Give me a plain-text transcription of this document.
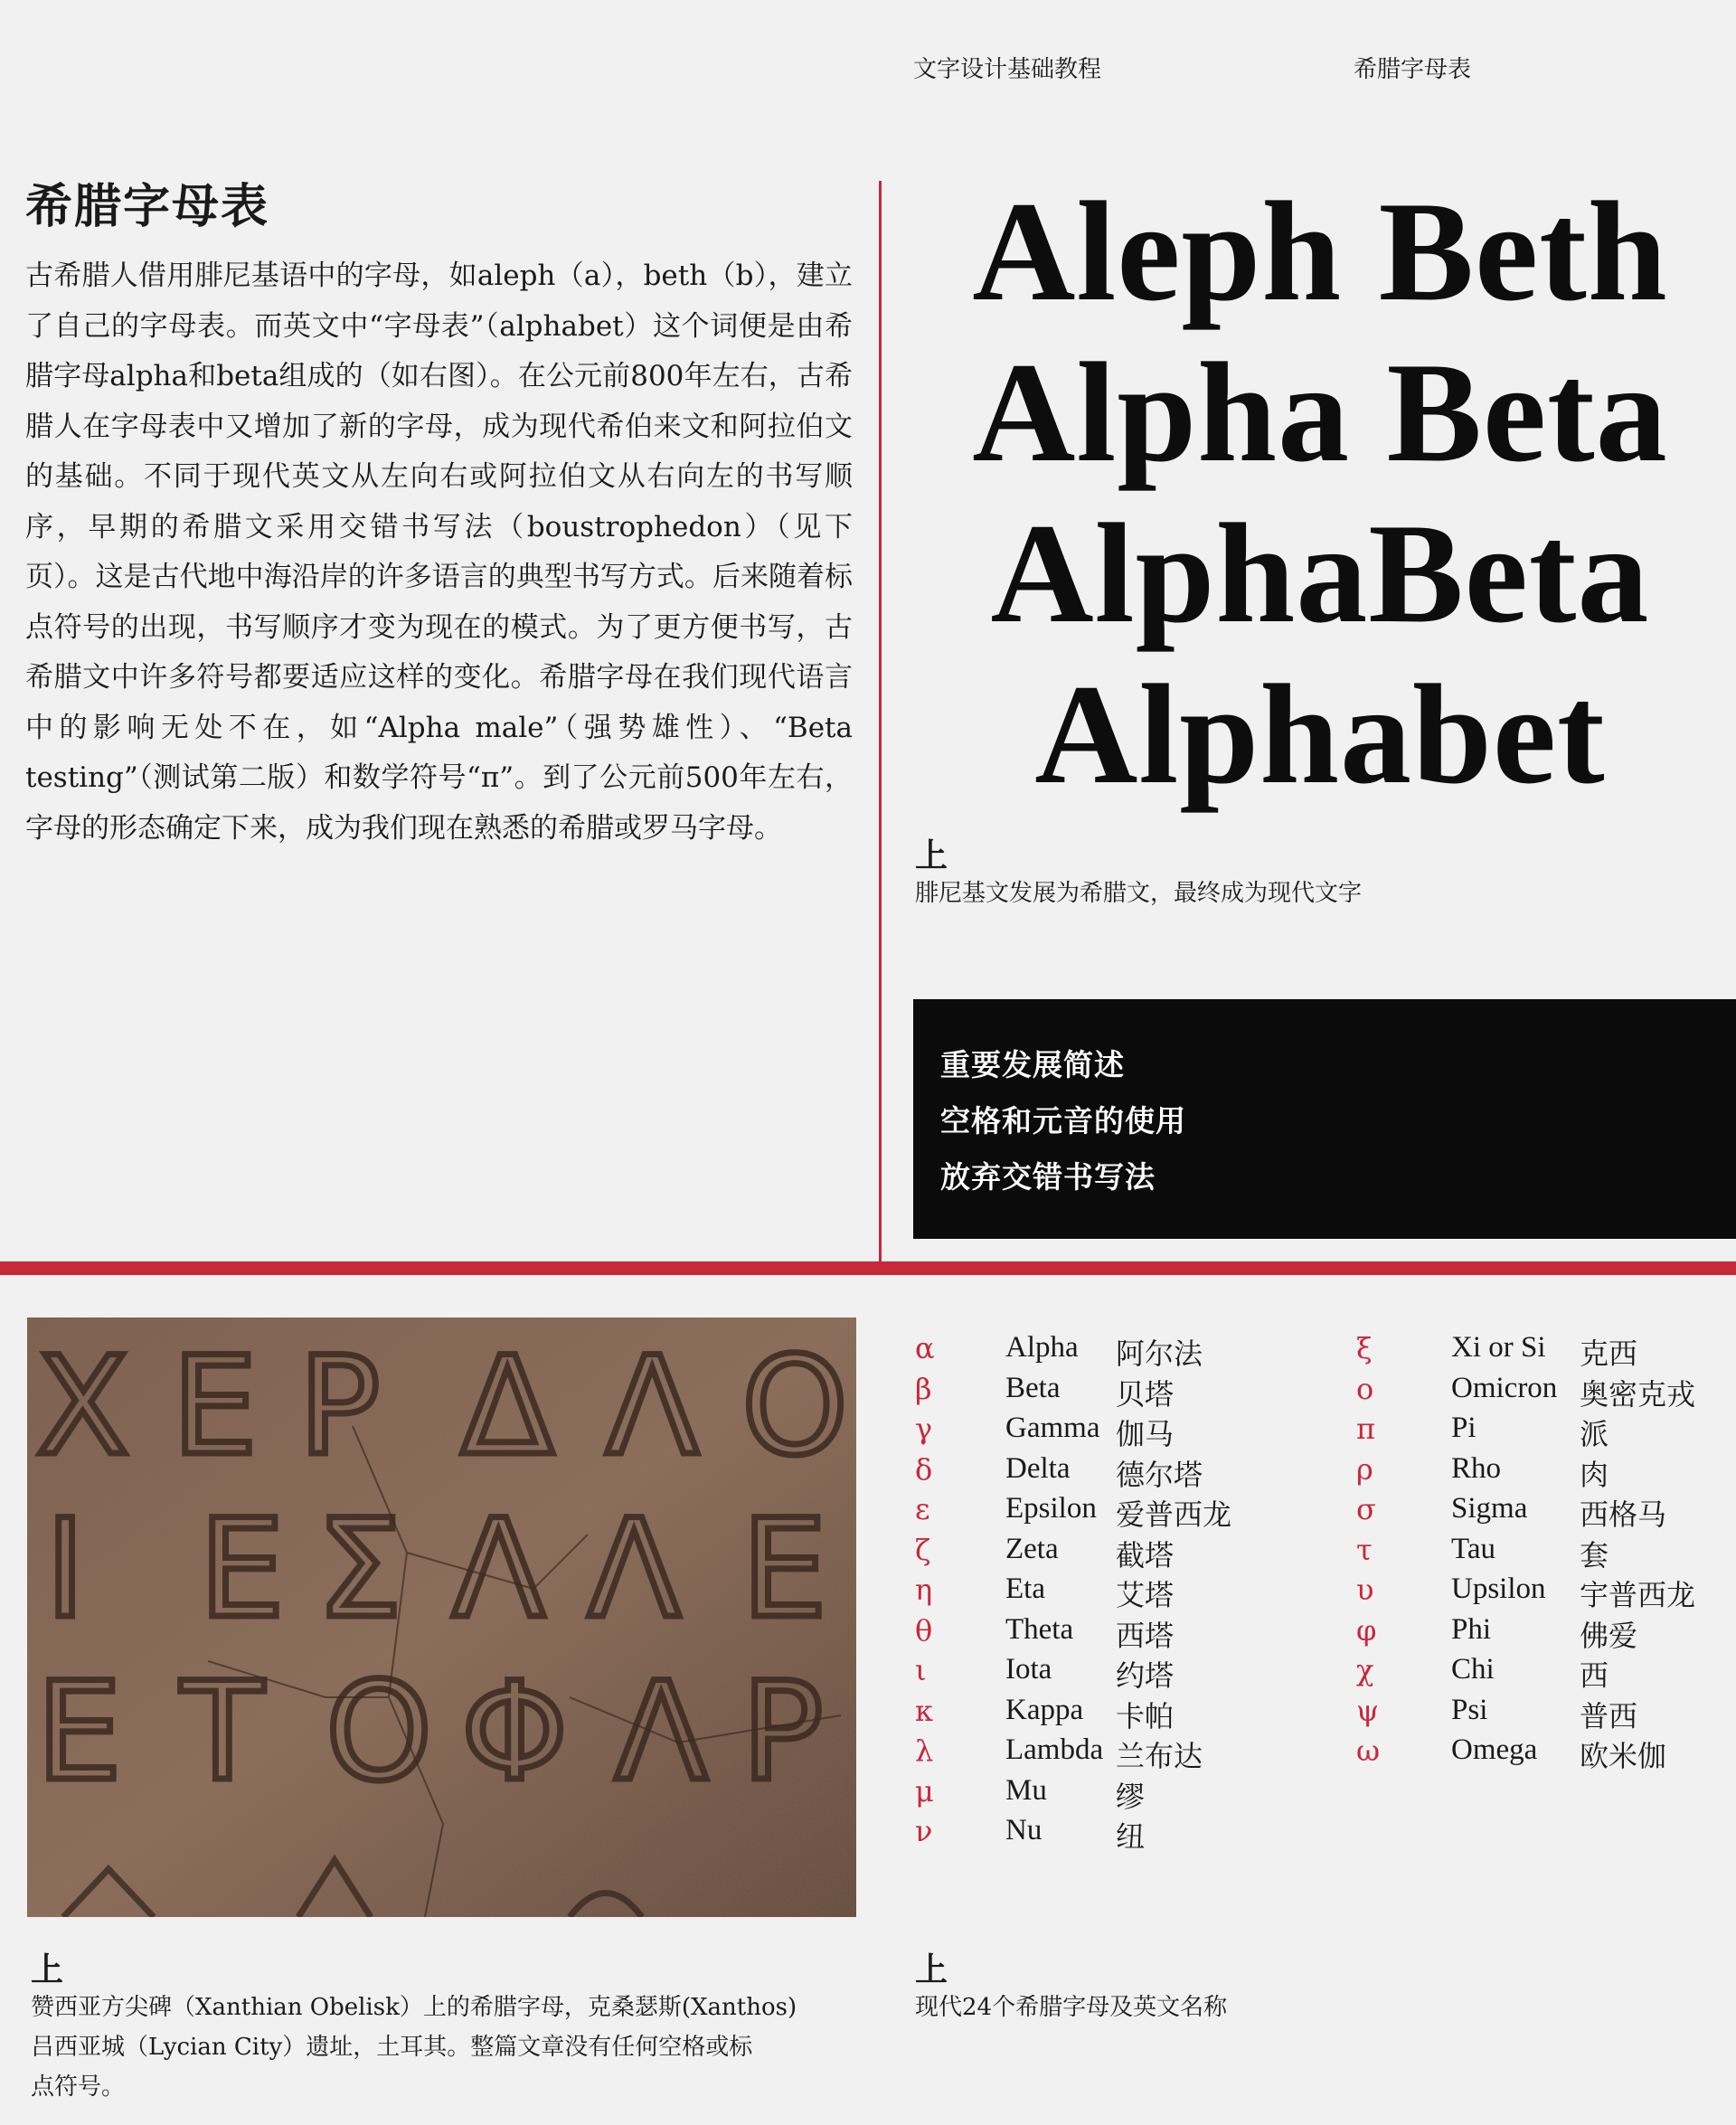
文字设计基础教程	希腊字母表
希腊字母表

古希腊人借用腓尼基语中的字母，如aleph（a），beth（b），建立了自己的字母表。而英文中“字母表”（alphabet）这个词便是由希腊字母alpha和beta组成的（如右图）。在公元前800年左右，古希腊人在字母表中又增加了新的字母，成为现代希伯来文和阿拉伯文的基础。不同于现代英文从左向右或阿拉伯文从右向左的书写顺序，早期的希腊文采用交错书写法（boustrophedon）（见下页）。这是古代地中海沿岸的许多语言的典型书写方式。后来随着标点符号的出现，书写顺序才变为现在的模式。为了更方便书写，古希腊文中许多符号都要适应这样的变化。希腊字母在我们现代语言中的影响无处不在，如“Alpha male”（强势雄性）、“Beta testing”（测试第二版）和数学符号“π”。到了公元前500年左右，字母的形态确定下来，成为我们现在熟悉的希腊或罗马字母。

Aleph Beth
Alpha Beta
AlphaBeta
Alphabet
上
腓尼基文发展为希腊文，最终成为现代文字
重要发展简述
空格和元音的使用
放弃交错书写法
Χ Ε Ρ Δ Λ Ο
Ι Ε Σ Λ Λ Ε
Ε Τ Ο Φ Λ Ρ
上
赞西亚方尖碑（Xanthian Obelisk）上的希腊字母，克桑瑟斯(Xanthos)
吕西亚城（Lycian City）遗址，土耳其。整篇文章没有任何空格或标
点符号。
α Alpha 阿尔法
β Beta 贝塔
γ Gamma 伽马
δ Delta 德尔塔
ε	Epsilon 爱普西龙
ζ	Zeta 截塔
η Eta 艾塔
θ Theta 西塔
ι	Iota 约塔
κ Kappa 卡帕
λ Lambda 兰布达
μ Mu 缪
ν Nu	纽
ξ	Xi or Si 克西
ο	Omicron 奥密克戎
π	Pi	派
ρ	Rho	肉
σ	Sigma 西格马
τ	Tau	套
υ	Upsilon 宇普西龙
φ	Phi	佛爱
χ	Chi	西
ψ Psi	普西
ω Omega 欧米伽
上
现代24个希腊字母及英文名称
